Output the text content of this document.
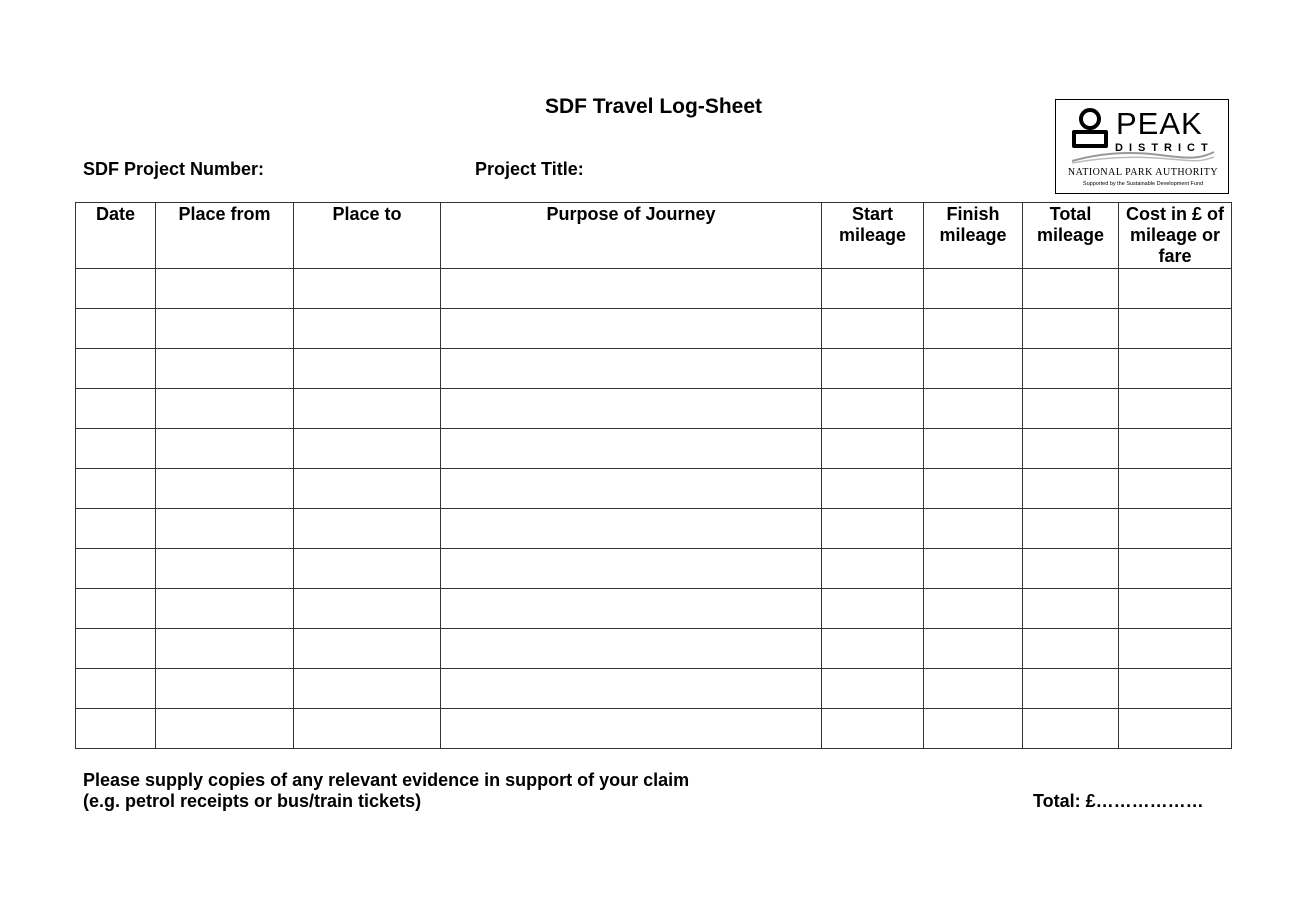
SDF Travel Log-Sheet
SDF Project Number:	Project Title:
PEAK
DISTRICT
NATIONAL PARK AUTHORITY
Supported by the Sustainable Development Fund
Date	Place from	Place to	Purpose of Journey	Start mileage	Finish mileage	Total mileage	Cost in £ of mileage or fare

Please supply copies of any relevant evidence in support of your claim
(e.g. petrol receipts or bus/train tickets)	Total: £………………
